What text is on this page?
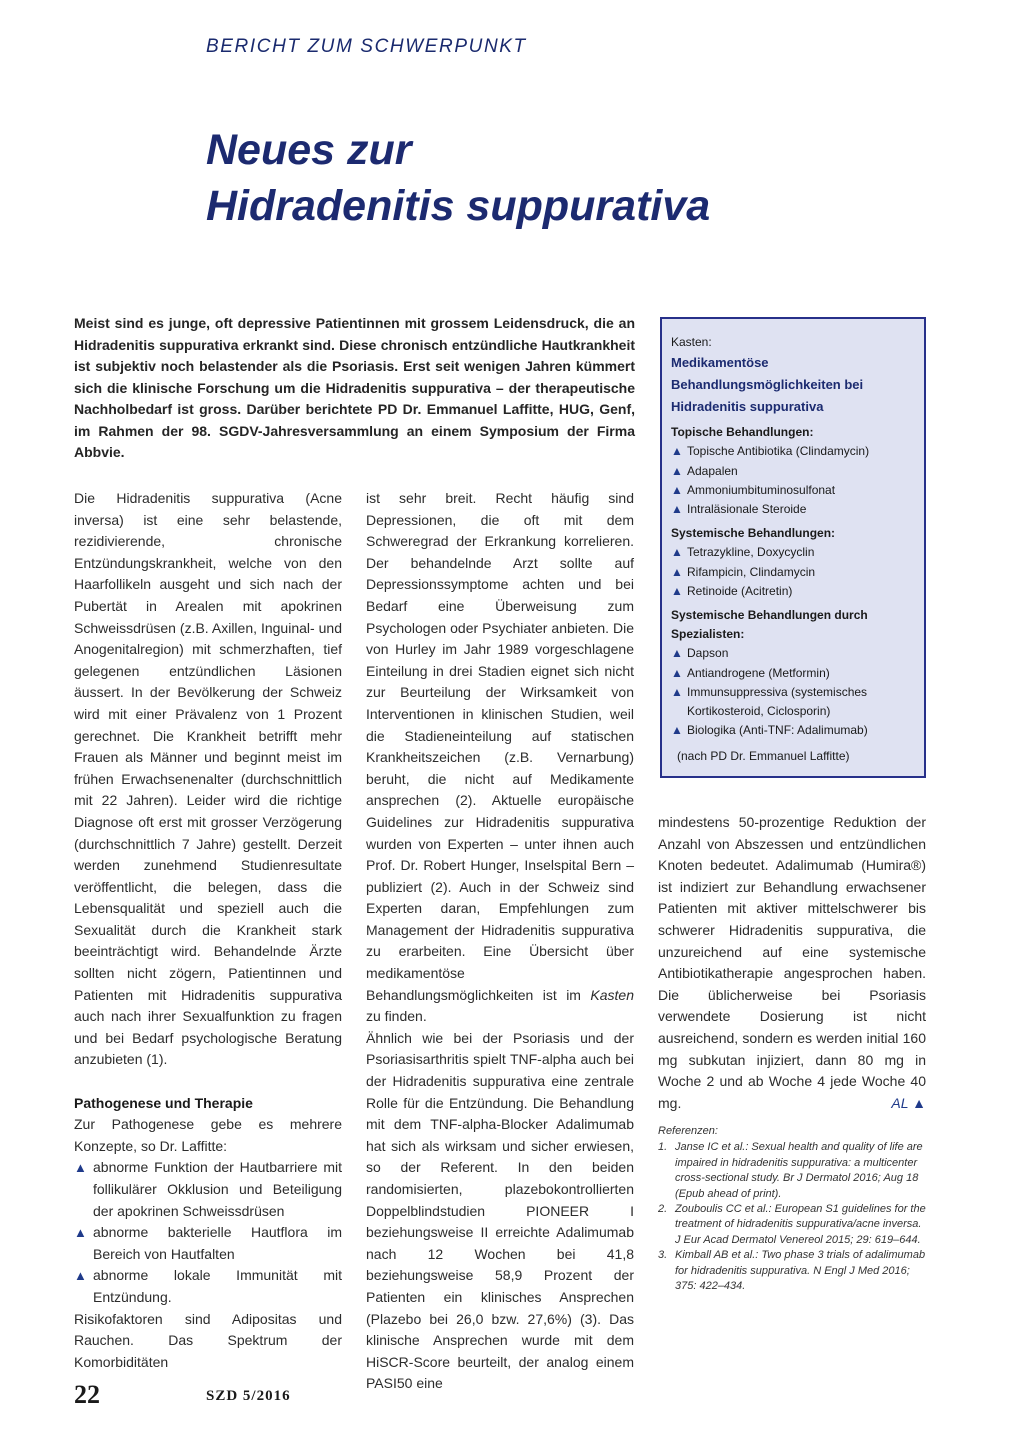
BERICHT ZUM SCHWERPUNKT
Neues zur
Hidradenitis suppurativa

Meist sind es junge, oft depressive Patientinnen mit grossem Leidensdruck, die an Hidradenitis suppurativa erkrankt sind. Diese chronisch entzündliche Hautkrankheit ist subjektiv noch belastender als die Psoriasis. Erst seit wenigen Jahren kümmert sich die klinische Forschung um die Hidradenitis suppurativa – der therapeutische Nachholbedarf ist gross. Darüber berichtete PD Dr. Emmanuel Laffitte, HUG, Genf, im Rahmen der 98. SGDV-Jahresversammlung an einem Symposium der Firma Abbvie.

Die Hidradenitis suppurativa (Acne inversa) ist eine sehr belastende, rezidivierende, chronische Entzündungskrankheit, welche von den Haarfollikeln ausgeht und sich nach der Pubertät in Arealen mit apokrinen Schweissdrüsen (z.B. Axillen, Inguinal- und Anogenitalregion) mit schmerzhaften, tief gelegenen entzündlichen Läsionen äussert. In der Bevölkerung der Schweiz wird mit einer Prävalenz von 1 Prozent gerechnet. Die Krankheit betrifft mehr Frauen als Männer und beginnt meist im frühen Erwachsenenalter (durchschnittlich mit 22 Jahren). Leider wird die richtige Diagnose oft erst mit grosser Verzögerung (durchschnittlich 7 Jahre) gestellt. Derzeit werden zunehmend Studienresultate veröffentlicht, die belegen, dass die Lebensqualität und speziell auch die Sexualität durch die Krankheit stark beeinträchtigt wird. Behandelnde Ärzte sollten nicht zögern, Patientinnen und Patienten mit Hidradenitis suppurativa auch nach ihrer Sexualfunktion zu fragen und bei Bedarf psychologische Beratung anzubieten (1).

Pathogenese und Therapie

Zur Pathogenese gebe es mehrere Konzepte, so Dr. Laffitte:

▲ abnorme Funktion der Hautbarriere mit follikulärer Okklusion und Beteiligung der apokrinen Schweissdrüsen
▲ abnorme bakterielle Hautflora im Bereich von Hautfalten
▲ abnorme lokale Immunität mit Entzündung.

Risikofaktoren sind Adipositas und Rauchen. Das Spektrum der Komorbiditäten

ist sehr breit. Recht häufig sind Depressionen, die oft mit dem Schweregrad der Erkrankung korrelieren. Der behandelnde Arzt sollte auf Depressionssymptome achten und bei Bedarf eine Überweisung zum Psychologen oder Psychiater anbieten. Die von Hurley im Jahr 1989 vorgeschlagene Einteilung in drei Stadien eignet sich nicht zur Beurteilung der Wirksamkeit von Interventionen in klinischen Studien, weil die Stadieneinteilung auf statischen Krankheitszeichen (z.B. Vernarbung) beruht, die nicht auf Medikamente ansprechen (2). Aktuelle europäische Guidelines zur Hidradenitis suppurativa wurden von Experten – unter ihnen auch Prof. Dr. Robert Hunger, Inselspital Bern – publiziert (2). Auch in der Schweiz sind Experten daran, Empfehlungen zum Management der Hidradenitis suppurativa zu erarbeiten. Eine Übersicht über medikamentöse Behandlungsmöglichkeiten ist im Kasten zu finden.

Ähnlich wie bei der Psoriasis und der Psoriasisarthritis spielt TNF-alpha auch bei der Hidradenitis suppurativa eine zentrale Rolle für die Entzündung. Die Behandlung mit dem TNF-alpha-Blocker Adalimumab hat sich als wirksam und sicher erwiesen, so der Referent. In den beiden randomisierten, plazebokontrollierten Doppelblindstudien PIONEER I beziehungsweise II erreichte Adalimumab nach 12 Wochen bei 41,8 beziehungsweise 58,9 Prozent der Patienten ein klinisches Ansprechen (Plazebo bei 26,0 bzw. 27,6%) (3). Das klinische Ansprechen wurde mit dem HiSCR-Score beurteilt, der analog einem PASI50 eine

Kasten:
Medikamentöse Behandlungsmöglichkeiten bei Hidradenitis suppurativa
Topische Behandlungen:
▲ Topische Antibiotika (Clindamycin)
▲ Adapalen
▲ Ammoniumbituminosulfonat
▲ Intraläsionale Steroide
Systemische Behandlungen:
▲ Tetrazykline, Doxycyclin
▲ Rifampicin, Clindamycin
▲ Retinoide (Acitretin)
Systemische Behandlungen durch Spezialisten:
▲ Dapson
▲ Antiandrogene (Metformin)
▲ Immunsuppressiva (systemisches Kortikosteroid, Ciclosporin)
▲ Biologika (Anti-TNF: Adalimumab)
(nach PD Dr. Emmanuel Laffitte)

mindestens 50-prozentige Reduktion der Anzahl von Abszessen und entzündlichen Knoten bedeutet. Adalimumab (Humira®) ist indiziert zur Behandlung erwachsener Patienten mit aktiver mittelschwerer bis schwerer Hidradenitis suppurativa, die unzureichend auf eine systemische Antibiotikatherapie angesprochen haben. Die üblicherweise bei Psoriasis verwendete Dosierung ist nicht ausreichend, sondern es werden initial 160 mg subkutan injiziert, dann 80 mg in Woche 2 und ab Woche 4 jede Woche 40 mg.	AL ▲

Referenzen:
1. Janse IC et al.: Sexual health and quality of life are impaired in hidradenitis suppurativa: a multicenter cross-sectional study. Br J Dermatol 2016; Aug 18 (Epub ahead of print).
2. Zouboulis CC et al.: European S1 guidelines for the treatment of hidradenitis suppurativa/acne inversa. J Eur Acad Dermatol Venereol 2015; 29: 619–644.
3. Kimball AB et al.: Two phase 3 trials of adalimumab for hidradenitis suppurativa. N Engl J Med 2016; 375: 422–434.
22	SZD 5/2016
